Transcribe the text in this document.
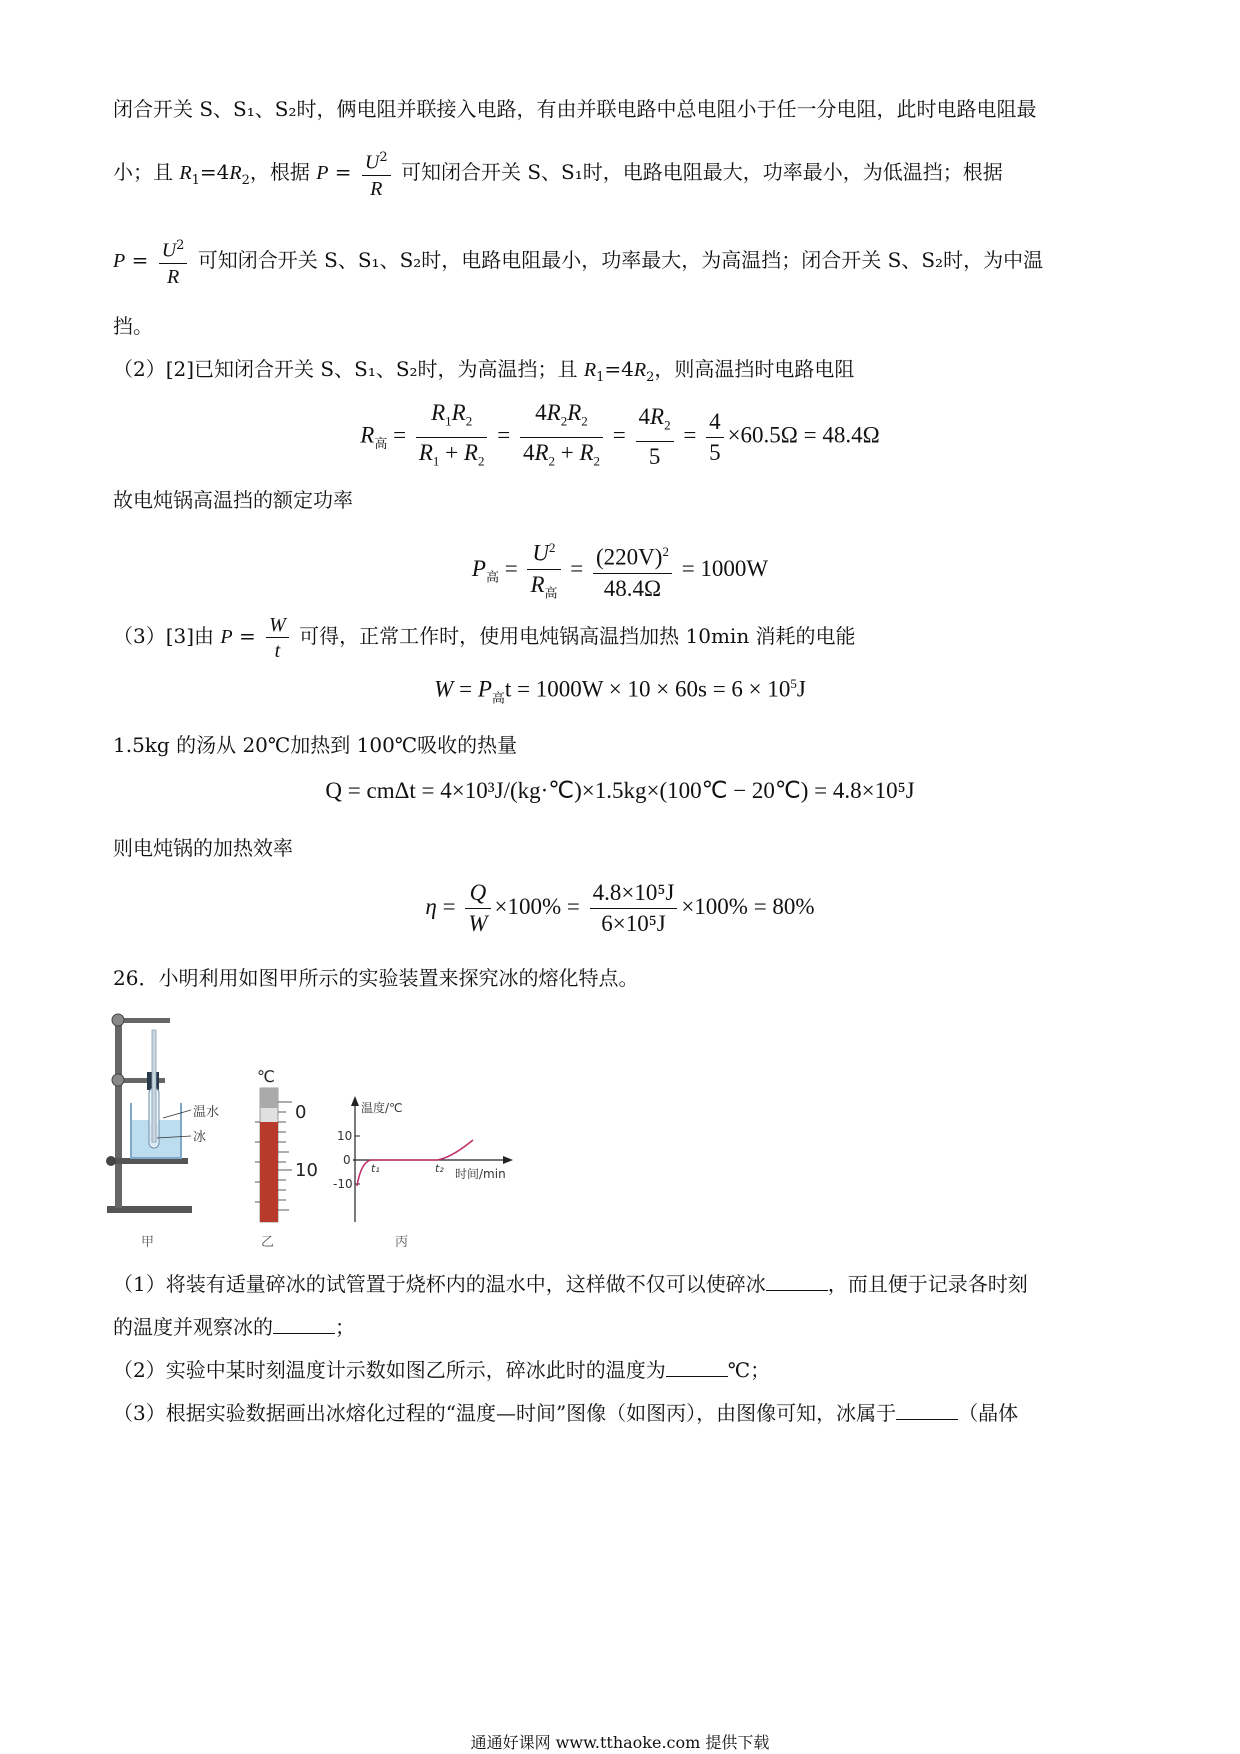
闭合开关 S、S₁、S₂时，俩电阻并联接入电路，有由并联电路中总电阻小于任一分电阻，此时电路电阻最
小；且 $R_1=4R_2$，根据 $P = \frac{U^2}{R}$ 可知闭合开关 S、S₁时，电路电阻最大，功率最小，为低温挡；根据
$P = \frac{U^2}{R}$ 可知闭合开关 S、S₁、S₂时，电路电阻最小，功率最大，为高温挡；闭合开关 S、S₂时，为中温
挡。
（2）[2]已知闭合开关 S、S₁、S₂时，为高温挡；且 $R_1=4R_2$，则高温挡时电路电阻
$R_高 = \frac{R_1R_2}{R_1 + R_2} = \frac{4R_2R_2}{4R_2 + R_2} = \frac{4R_2}{5} = \frac{4}{5} \times 60.5\Omega = 48.4\Omega$
故电炖锅高温挡的额定功率
$P_高 = \frac{U^2}{R_高} = \frac{(220V)^2}{48.4\Omega} = 1000W$
（3）[3]由 $P = \frac{W}{t}$ 可得，正常工作时，使用电炖锅高温挡加热 10min 消耗的电能
$W = P_高t = 1000W \times 10 \times 60s = 6 \times 10^5J$
1.5kg 的汤从 20℃加热到 100℃吸收的热量
Q = cmΔt = 4×10³J/(kg·℃)×1.5kg×(100℃ − 20℃) = 4.8×10⁵J
则电炖锅的加热效率
$\eta = \frac{Q}{W} \times 100\% = \frac{\text{4.8×10⁵J}}{\text{6×10⁵J}} \times 100\% = 80\%$
26．小明利用如图甲所示的实验装置来探究冰的熔化特点。
温水
冰
甲
℃
0
10
乙
温度/℃
10
0
-10
t₁	t₂ 时间/min
丙
（1）将装有适量碎冰的试管置于烧杯内的温水中，这样做不仅可以使碎冰	，而且便于记录各时刻
的温度并观察冰的	；
（2）实验中某时刻温度计示数如图乙所示，碎冰此时的温度为	℃；
（3）根据实验数据画出冰熔化过程的“温度—时间”图像（如图丙），由图像可知，冰属于	（晶体
通通好课网 www.tthaoke.com 提供下载
